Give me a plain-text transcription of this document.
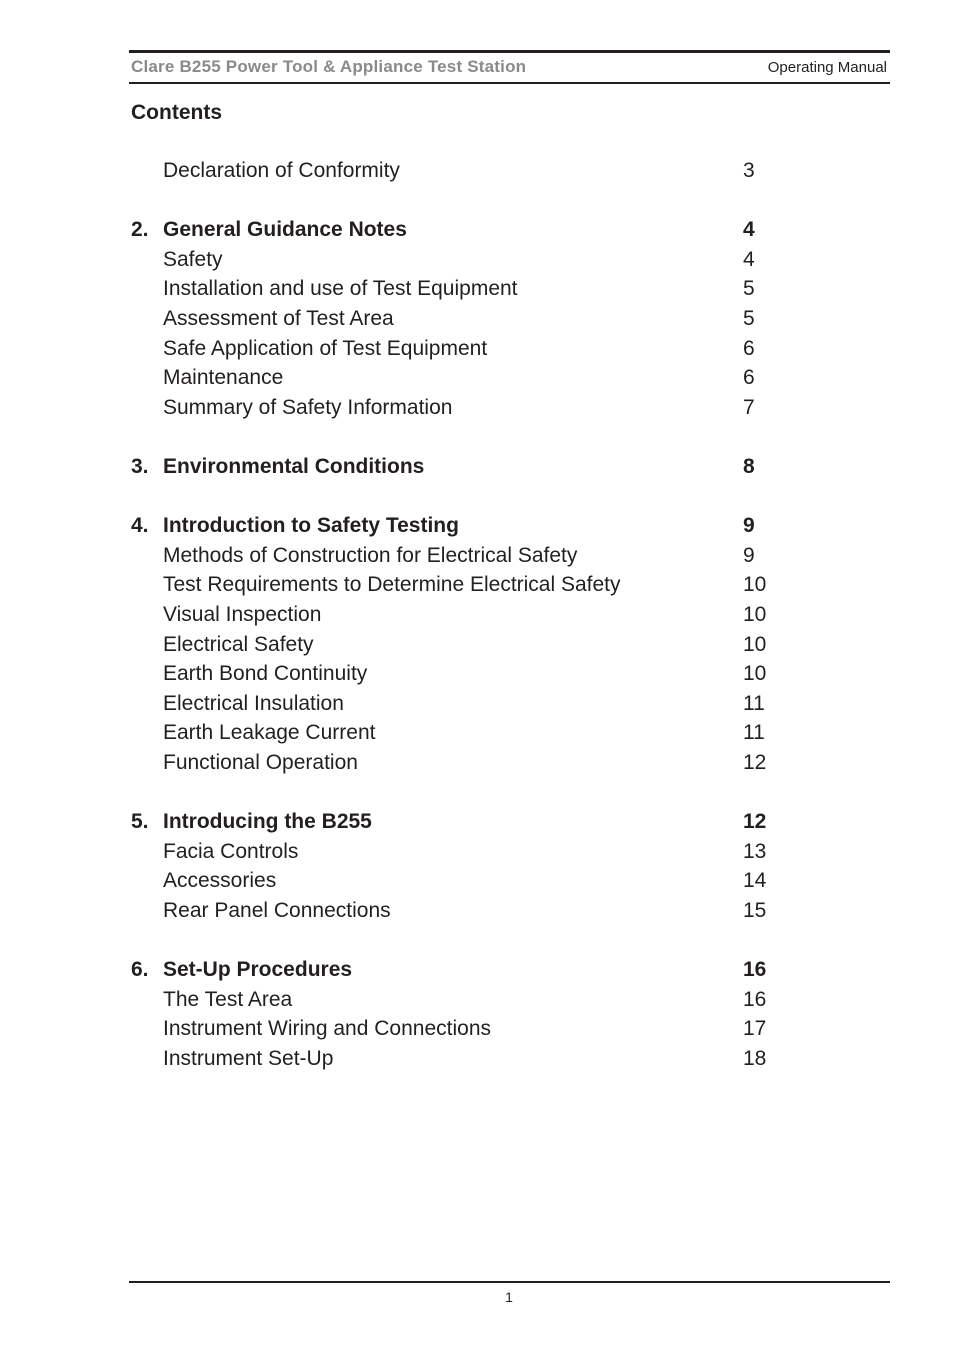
Clare B255 Power Tool & Appliance Test Station	Operating Manual
Contents
Declaration of Conformity	3
2. General Guidance Notes	4
Safety	4
Installation and use of Test Equipment	5
Assessment of Test Area	5
Safe Application of Test Equipment	6
Maintenance	6
Summary of Safety Information	7
3. Environmental Conditions	8
4. Introduction to Safety Testing	9
Methods of Construction for Electrical Safety	9
Test Requirements to Determine Electrical Safety	10
Visual Inspection	10
Electrical Safety	10
Earth Bond Continuity	10
Electrical Insulation	11
Earth Leakage Current	11
Functional Operation	12
5. Introducing the B255	12
Facia Controls	13
Accessories	14
Rear Panel Connections	15
6. Set-Up Procedures	16
The Test Area	16
Instrument Wiring and Connections	17
Instrument Set-Up	18
1
